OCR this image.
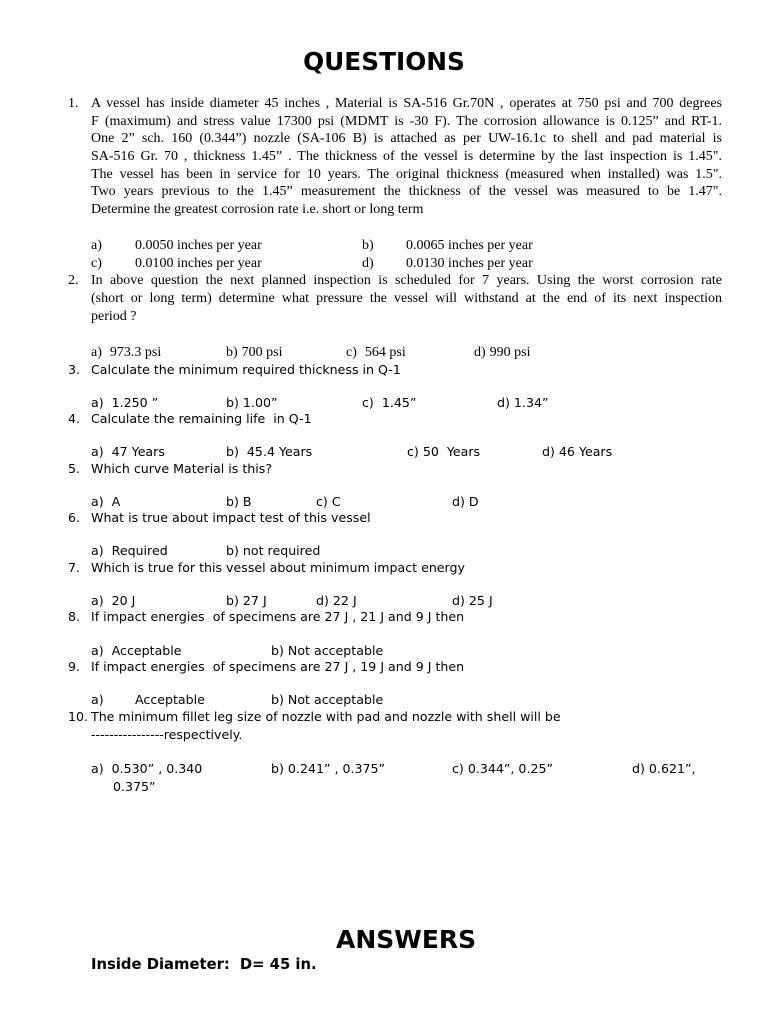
QUESTIONS
1. A vessel has inside diameter 45 inches , Material is SA-516 Gr.70N , operates at 750 psi and 700 degrees
F (maximum) and stress value 17300 psi (MDMT is -30 F). The corrosion allowance is 0.125” and RT-1.
One 2” sch. 160 (0.344”) nozzle (SA-106 B) is attached as per UW-16.1c to shell and pad material is
SA-516 Gr. 70 , thickness 1.45” . The thickness of the vessel is determine by the last inspection is 1.45".
The vessel has been in service for 10 years. The original thickness (measured when installed) was 1.5".
Two years previous to the 1.45” measurement the thickness of the vessel was measured to be 1.47".
Determine the greatest corrosion rate i.e. short or long term
a) 0.0050 inches per year	b) 0.0065 inches per year
c) 0.0100 inches per year	d) 0.0130 inches per year
2. In above question the next planned inspection is scheduled for 7 years. Using the worst corrosion rate
(short or long term) determine what pressure the vessel will withstand at the end of its next inspection
period ?
a) 973.3 psi	b) 700 psi	c) 564 psi	d) 990 psi
3. Calculate the minimum required thickness in Q-1
a) 1.250 ”	b) 1.00”	c) 1.45”	d) 1.34”
4. Calculate the remaining life  in Q-1
a) 47 Years	b) 45.4 Years	c) 50  Years	d) 46 Years
5. Which curve Material is this?
a) A	b) B	c) C	d) D
6. What is true about impact test of this vessel
a) Required	b) not required
7. Which is true for this vessel about minimum impact energy
a) 20 J	b) 27 J	d) 22 J	d) 25 J
8. If impact energies  of specimens are 27 J , 21 J and 9 J then
a) Acceptable	b) Not acceptable
9. If impact energies  of specimens are 27 J , 19 J and 9 J then
a) Acceptable	b) Not acceptable
10. The minimum fillet leg size of nozzle with pad and nozzle with shell will be
----------------respectively.
a) 0.530” , 0.340	b) 0.241” , 0.375”	c) 0.344”, 0.25”	d) 0.621”,
0.375”
ANSWERS
Inside Diameter: D= 45 in.
